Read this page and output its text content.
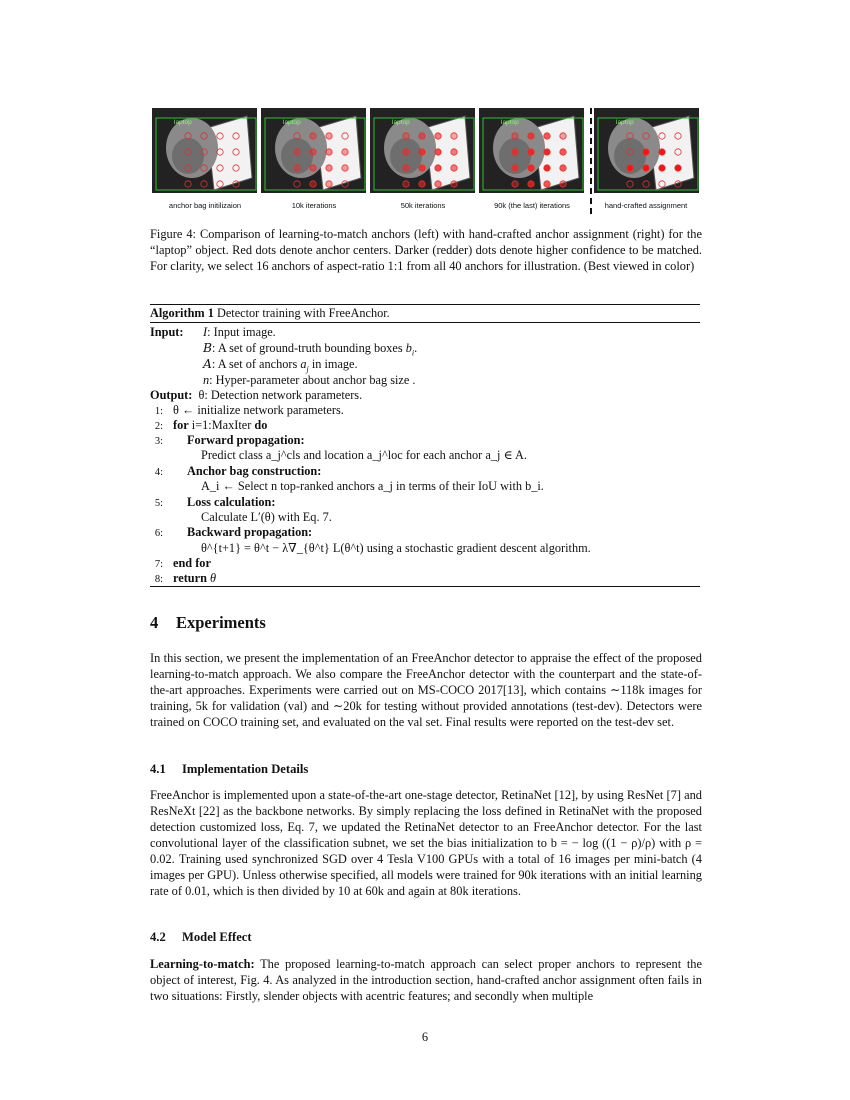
laptop	laptop	laptop	laptop	laptop
anchor bag initilizaion	10k iterations	50k iterations	90k (the last) iterations	hand-crafted assignment
Figure 4: Comparison of learning-to-match anchors (left) with hand-crafted anchor assignment (right) for the “laptop” object. Red dots denote anchor centers. Darker (redder) dots denote higher confidence to be matched. For clarity, we select 16 anchors of aspect-ratio 1:1 from all 40 anchors for illustration. (Best viewed in color)
Algorithm 1 Detector training with FreeAnchor.
Input: I: Input image.
B: A set of ground-truth bounding boxes $b_i$.
A: A set of anchors $a_j$ in image.
n: Hyper-parameter about anchor bag size .
Output: θ: Detection network parameters.
1: θ ← initialize network parameters.
2: for i=1:MaxIter do
3: Forward propagation:
Predict class a_j^cls and location a_j^loc for each anchor a_j ∈ A.
4: Anchor bag construction:
A_i ← Select n top-ranked anchors a_j in terms of their IoU with b_i.
5: Loss calculation:
Calculate L′(θ) with Eq. 7.
6: Backward propagation:
θ^{t+1} = θ^t − λ∇_{θ^t} L(θ^t) using a stochastic gradient descent algorithm.
7: end for
8: return θ
4 Experiments
In this section, we present the implementation of an FreeAnchor detector to appraise the effect of the proposed learning-to-match approach. We also compare the FreeAnchor detector with the counterpart and the state-of-the-art approaches. Experiments were carried out on MS-COCO 2017[13], which contains ∼118k images for training, 5k for validation (val) and ∼20k for testing without provided annotations (test-dev). Detectors were trained on COCO training set, and evaluated on the val set. Final results were reported on the test-dev set.
4.1 Implementation Details
FreeAnchor is implemented upon a state-of-the-art one-stage detector, RetinaNet [12], by using ResNet [7] and ResNeXt [22] as the backbone networks. By simply replacing the loss defined in RetinaNet with the proposed detection customized loss, Eq. 7, we updated the RetinaNet detector to an FreeAnchor detector. For the last convolutional layer of the classification subnet, we set the bias initialization to b = − log ((1 − ρ)/ρ) with ρ = 0.02. Training used synchronized SGD over 4 Tesla V100 GPUs with a total of 16 images per mini-batch (4 images per GPU). Unless otherwise specified, all models were trained for 90k iterations with an initial learning rate of 0.01, which is then divided by 10 at 60k and again at 80k iterations.
4.2 Model Effect
Learning-to-match: The proposed learning-to-match approach can select proper anchors to represent the object of interest, Fig. 4. As analyzed in the introduction section, hand-crafted anchor assignment often fails in two situations: Firstly, slender objects with acentric features; and secondly when multiple
6
